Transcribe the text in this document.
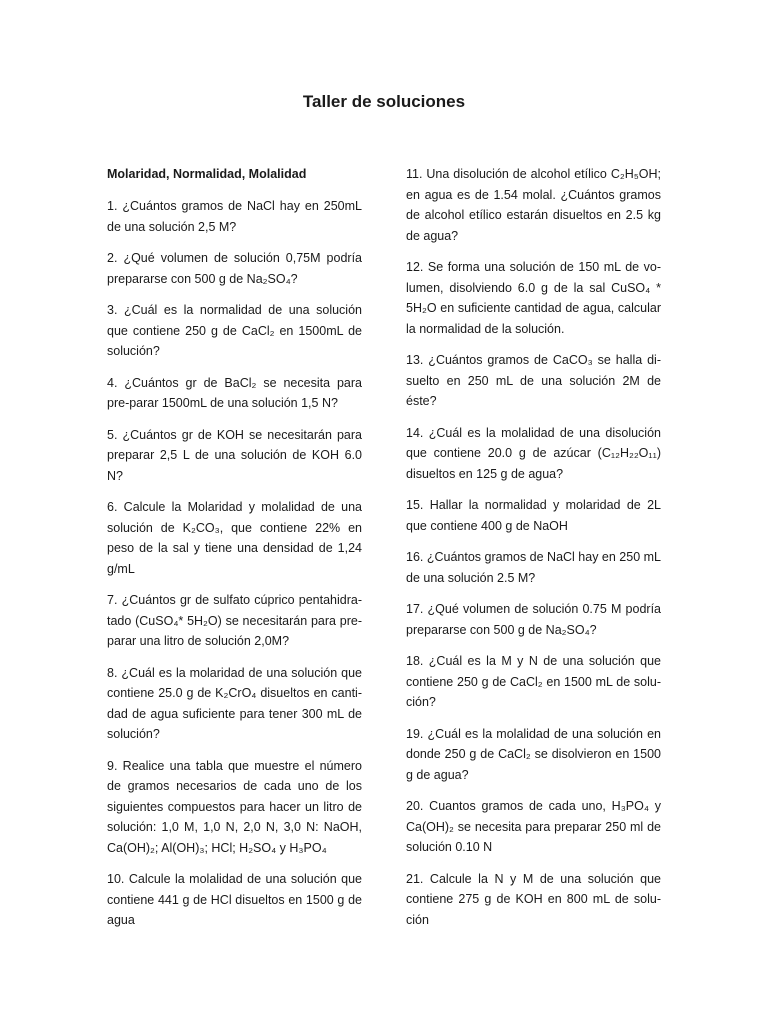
Taller de soluciones
Molaridad, Normalidad, Molalidad

1. ¿Cuántos gramos de NaCl hay en 250mL de una solución 2,5 M?

2. ¿Qué volumen de solución 0,75M podría prepararse con 500 g de Na₂SO₄?

3. ¿Cuál es la normalidad de una solución que contiene 250 g de CaCl₂ en 1500mL de solución?

4. ¿Cuántos gr de BaCl₂ se necesita para pre-parar 1500mL de una solución 1,5 N?

5. ¿Cuántos gr de KOH se necesitarán para preparar 2,5 L de una solución de KOH 6.0 N?

6. Calcule la Molaridad y molalidad de una solución de K₂CO₃, que contiene 22% en peso de la sal y tiene una densidad de 1,24 g/mL

7. ¿Cuántos gr de sulfato cúprico pentahidra-tado (CuSO₄* 5H₂O) se necesitarán para pre-parar una litro de solución 2,0M?

8. ¿Cuál es la molaridad de una solución que contiene 25.0 g de K₂CrO₄ disueltos en canti-dad de agua suficiente para tener 300 mL de solución?

9. Realice una tabla que muestre el número de gramos necesarios de cada uno de los siguientes compuestos para hacer un litro de solución: 1,0 M, 1,0 N, 2,0 N, 3,0 N: NaOH, Ca(OH)₂; Al(OH)₃; HCl; H₂SO₄ y H₃PO₄

10. Calcule la molalidad de una solución que contiene 441 g de HCl disueltos en 1500 g de agua

11. Una disolución de alcohol etílico C₂H₅OH; en agua es de 1.54 molal. ¿Cuántos gramos de alcohol etílico estarán disueltos en 2.5 kg de agua?

12. Se forma una solución de 150 mL de vo-lumen, disolviendo 6.0 g de la sal CuSO₄ * 5H₂O en suficiente cantidad de agua, calcular la normalidad de la solución.

13. ¿Cuántos gramos de CaCO₃ se halla di-suelto en 250 mL de una solución 2M de éste?

14. ¿Cuál es la molalidad de una disolución que contiene 20.0 g de azúcar (C₁₂H₂₂O₁₁) disueltos en 125 g de agua?

15. Hallar la normalidad y molaridad de 2L que contiene 400 g de NaOH

16. ¿Cuántos gramos de NaCl hay en 250 mL de una solución 2.5 M?

17. ¿Qué volumen de solución 0.75 M podría prepararse con 500 g de Na₂SO₄?

18. ¿Cuál es la M y N de una solución que contiene 250 g de CaCl₂ en 1500 mL de solu-ción?

19. ¿Cuál es la molalidad de una solución en donde 250 g de CaCl₂ se disolvieron en 1500 g de agua?

20. Cuantos gramos de cada uno, H₃PO₄ y Ca(OH)₂ se necesita para preparar 250 ml de solución 0.10 N

21. Calcule la N y M de una solución que contiene 275 g de KOH en 800 mL de solu-ción
